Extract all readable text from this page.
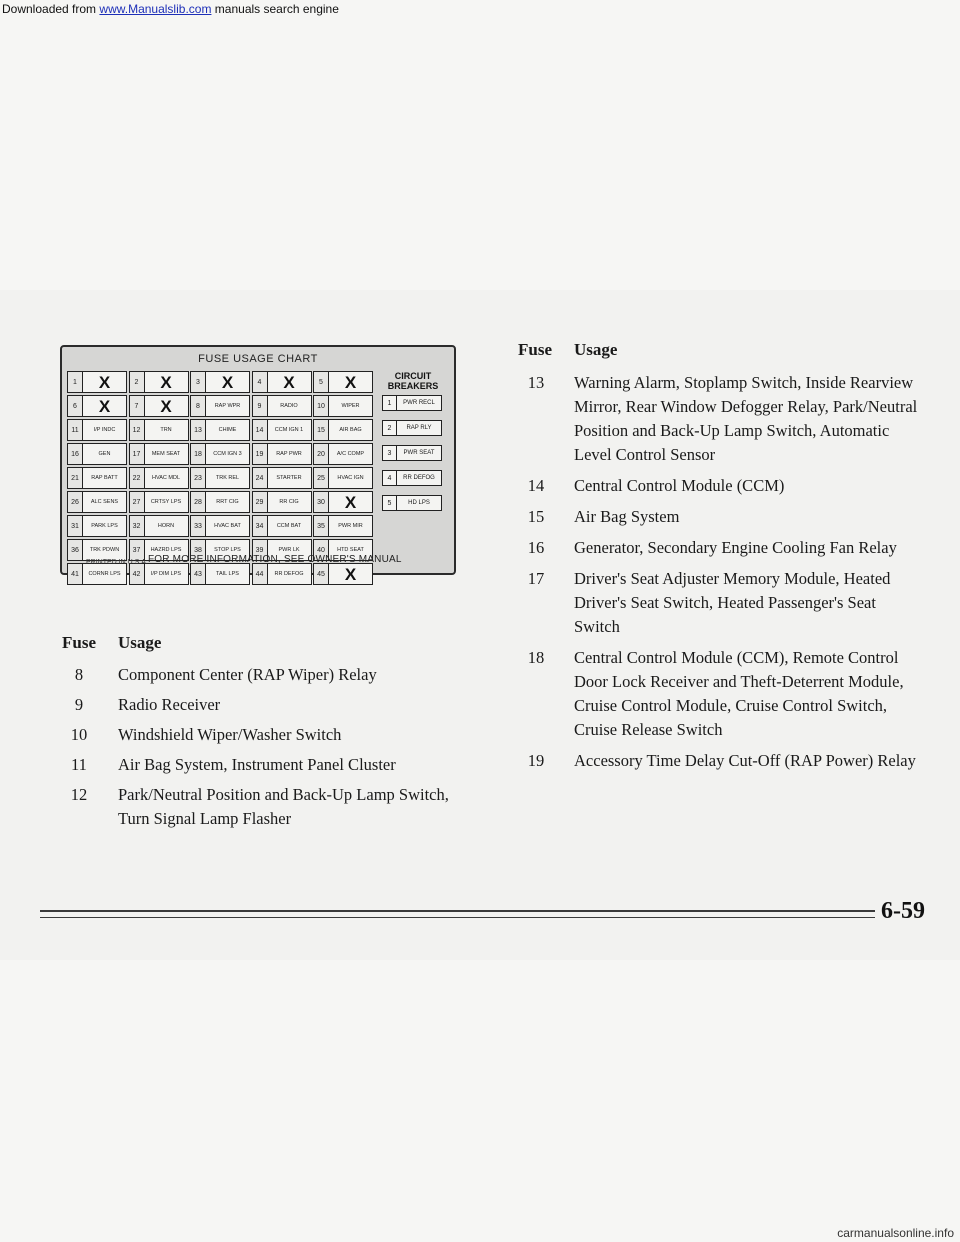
Downloaded from www.Manualslib.com manuals search engine
FUSE USAGE CHART
1	X	2	X	3	X	4	X	5	X
6	X	7	X	8	RAP WPR	9	RADIO	10	WIPER
11	I/P INDC	12	TRN	13	CHIME	14	CCM IGN 1	15	AIR BAG
16	GEN	17	MEM SEAT	18	CCM IGN 3	19	RAP PWR	20	A/C COMP
21	RAP BATT	22	HVAC MDL	23	TRK REL	24	STARTER	25	HVAC IGN
26	ALC SENS	27	CRTSY LPS	28	RRT CIG	29	RR CIG	30	X
31	PARK LPS	32	HORN	33	HVAC BAT	34	CCM BAT	35	PWR MIR
36	TRK PDWN	37	HAZRD LPS	38	STOP LPS	39	PWR LK	40	HTD SEAT
41	CORNR LPS	42	I/P DIM LPS	43	TAIL LPS	44	RR DEFOG	45	X
CIRCUIT BREAKERS
1	PWR RECL
2	RAP RLY
3	PWR SEAT
4	RR DEFOG
5	HD LPS
PRINTED IN U.S.A. FOR MORE INFORMATION, SEE OWNER'S MANUAL
Fuse Usage
8	Component Center (RAP Wiper) Relay
9	Radio Receiver
10	Windshield Wiper/Washer Switch
11	Air Bag System, Instrument Panel Cluster
12	Park/Neutral Position and Back-Up Lamp Switch, Turn Signal Lamp Flasher
Fuse Usage
13	Warning Alarm, Stoplamp Switch, Inside Rearview Mirror, Rear Window Defogger Relay, Park/Neutral Position and Back-Up Lamp Switch, Automatic Level Control Sensor
14	Central Control Module (CCM)
15	Air Bag System
16	Generator, Secondary Engine Cooling Fan Relay
17	Driver's Seat Adjuster Memory Module, Heated Driver's Seat Switch, Heated Passenger's Seat Switch
18	Central Control Module (CCM), Remote Control Door Lock Receiver and Theft-Deterrent Module, Cruise Control Module, Cruise Control Switch, Cruise Release Switch
19	Accessory Time Delay Cut-Off (RAP Power) Relay
6-59
carmanualsonline.info
